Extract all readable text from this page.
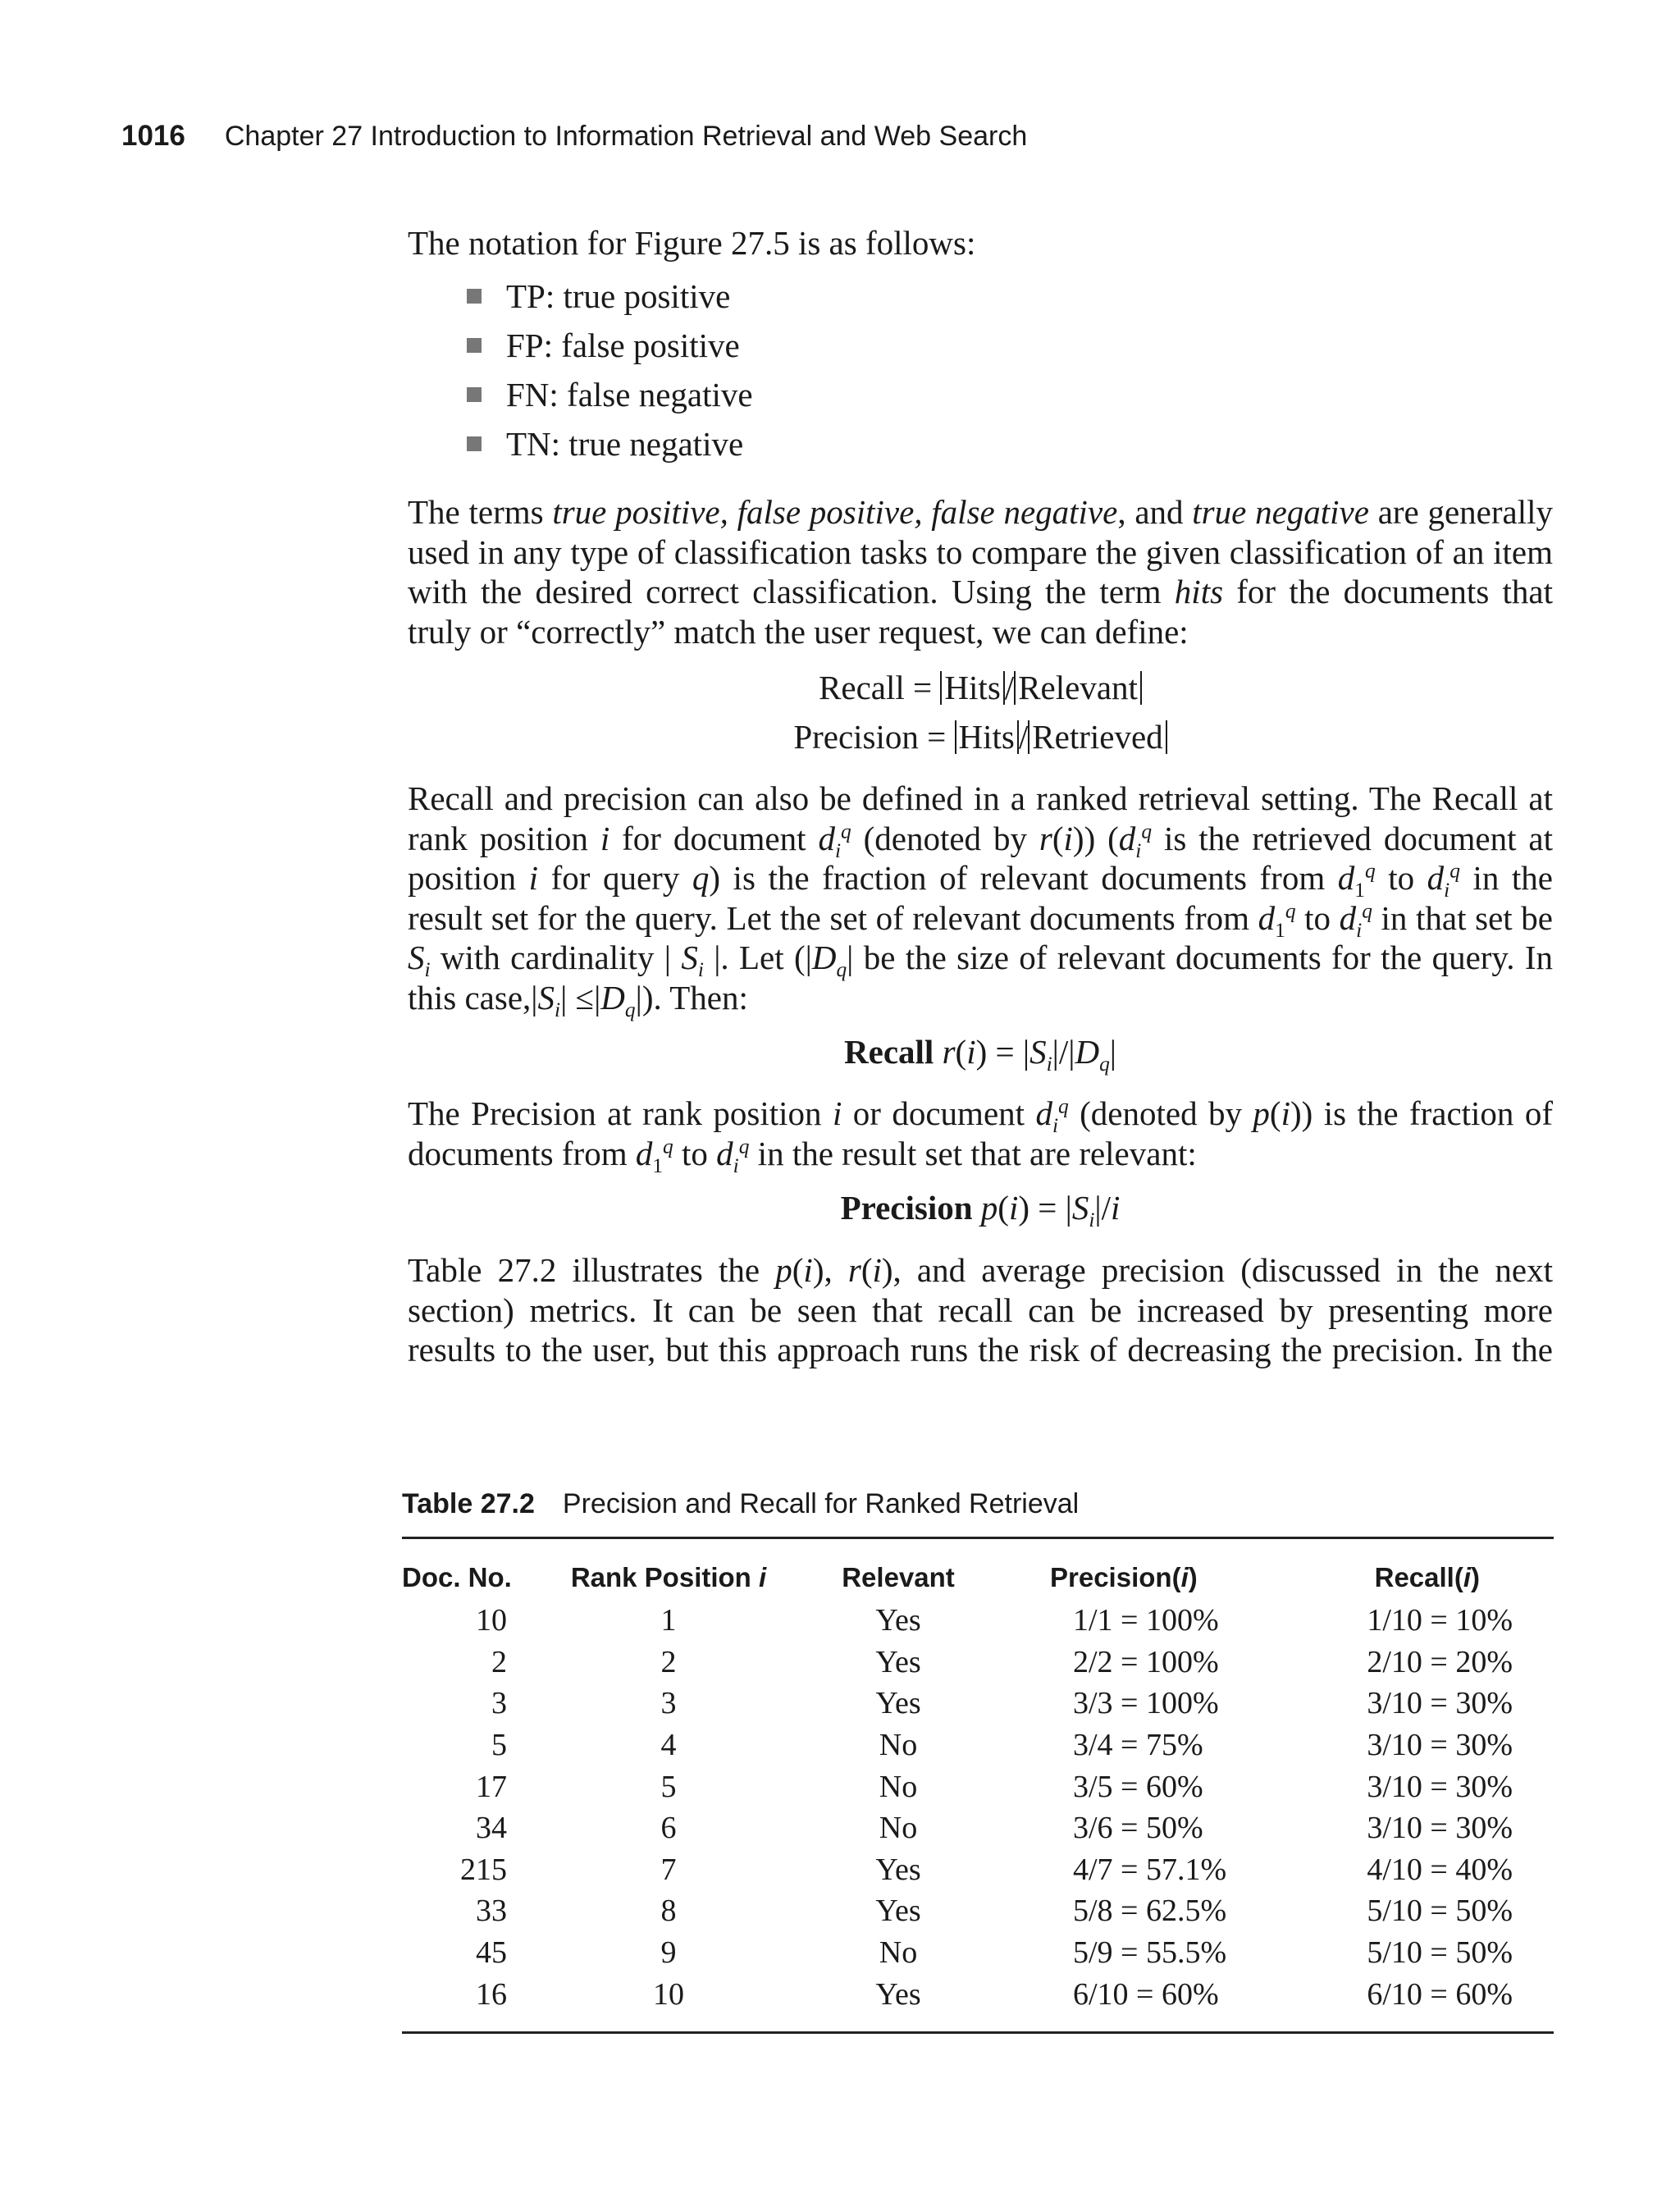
1016 Chapter 27 Introduction to Information Retrieval and Web Search

The notation for Figure 27.5 is as follows:

TP: true positive
FP: false positive
FN: false negative
TN: true negative

The terms true positive, false positive, false negative, and true negative are generally used in any type of classification tasks to compare the given classification of an item with the desired correct classification. Using the term hits for the documents that truly or “correctly” match the user request, we can define:

Recall = Hits / Relevant

Precision = Hits / Retrieved

Recall and precision can also be defined in a ranked retrieval setting. The Recall at rank position i for document $d_i^q$ (denoted by r(i)) ($d_i^q$ is the retrieved document at position i for query q) is the fraction of relevant documents from $d_1^q$ to $d_i^q$ in the result set for the query. Let the set of relevant documents from $d_1^q$ to $d_i^q$ in that set be $S_i$ with cardinality | $S_i$ |. Let ($|D_q|$ be the size of relevant documents for the query. In this $case,|S_i| \le|D_q|$). Then:

Recall $r(i) = |S_i|/|D_q|$

The Precision at rank position i or document $d_i^q$ (denoted by p(i)) is the fraction of documents from $d_1^q$ to $d_i^q$ in the result set that are relevant:

Precision $p(i) = |S_i|/i$

Table 27.2 illustrates the p(i), r(i), and average precision (discussed in the next section) metrics. It can be seen that recall can be increased by presenting more results to the user, but this approach runs the risk of decreasing the precision. In the

Table 27.2 Precision and Recall for Ranked Retrieval
Doc. No.	Rank Position i	Relevant	Precision(i)	Recall(i)
10	1	Yes	1/1 = 100%	1/10 = 10%
2	2	Yes	2/2 = 100%	2/10 = 20%
3	3	Yes	3/3 = 100%	3/10 = 30%
5	4	No	3/4 = 75%	3/10 = 30%
17	5	No	3/5 = 60%	3/10 = 30%
34	6	No	3/6 = 50%	3/10 = 30%
215	7	Yes	4/7 = 57.1%	4/10 = 40%
33	8	Yes	5/8 = 62.5%	5/10 = 50%
45	9	No	5/9 = 55.5%	5/10 = 50%
16	10	Yes	6/10 = 60%	6/10 = 60%
